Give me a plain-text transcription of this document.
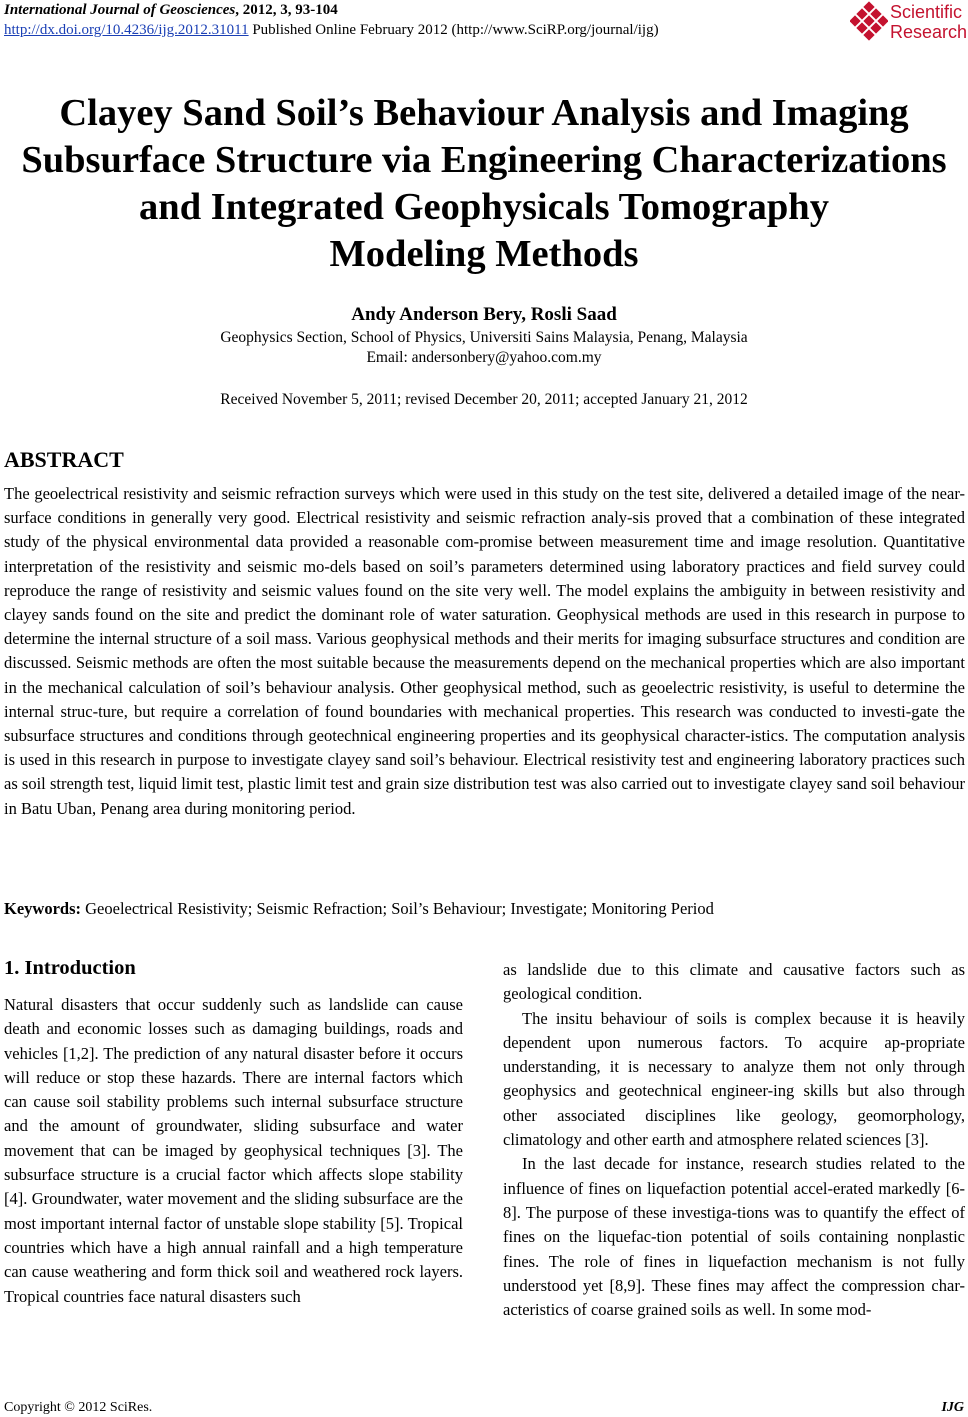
International Journal of Geosciences, 2012, 3, 93-104
http://dx.doi.org/10.4236/ijg.2012.31011 Published Online February 2012 (http://www.SciRP.org/journal/ijg)
Scientific
Research
Clayey Sand Soil’s Behaviour Analysis and Imaging
Subsurface Structure via Engineering Characterizations
and Integrated Geophysicals Tomography
Modeling Methods
Andy Anderson Bery, Rosli Saad
Geophysics Section, School of Physics, Universiti Sains Malaysia, Penang, Malaysia
Email: andersonbery@yahoo.com.my
Received November 5, 2011; revised December 20, 2011; accepted January 21, 2012
ABSTRACT
The geoelectrical resistivity and seismic refraction surveys which were used in this study on the test site, delivered a detailed image of the near-surface conditions in generally very good. Electrical resistivity and seismic refraction analy-sis proved that a combination of these integrated study of the physical environmental data provided a reasonable com-promise between measurement time and image resolution. Quantitative interpretation of the resistivity and seismic mo-dels based on soil’s parameters determined using laboratory practices and field survey could reproduce the range of resistivity and seismic values found on the site very well. The model explains the ambiguity in between resistivity and clayey sands found on the site and predict the dominant role of water saturation. Geophysical methods are used in this research in purpose to determine the internal structure of a soil mass. Various geophysical methods and their merits for imaging subsurface structures and condition are discussed. Seismic methods are often the most suitable because the measurements depend on the mechanical properties which are also important in the mechanical calculation of soil’s behaviour analysis. Other geophysical method, such as geoelectric resistivity, is useful to determine the internal struc-ture, but require a correlation of found boundaries with mechanical properties. This research was conducted to investi-gate the subsurface structures and conditions through geotechnical engineering properties and its geophysical character-istics. The computation analysis is used in this research in purpose to investigate clayey sand soil’s behaviour. Electrical resistivity test and engineering laboratory practices such as soil strength test, liquid limit test, plastic limit test and grain size distribution test was also carried out to investigate clayey sand soil behaviour in Batu Uban, Penang area during monitoring period.
Keywords: Geoelectrical Resistivity; Seismic Refraction; Soil’s Behaviour; Investigate; Monitoring Period
1. Introduction

Natural disasters that occur suddenly such as landslide can cause death and economic losses such as damaging buildings, roads and vehicles [1,2]. The prediction of any natural disaster before it occurs will reduce or stop these hazards. There are internal factors which can cause soil stability problems such internal subsurface structure and the amount of groundwater, sliding subsurface and water movement that can be imaged by geophysical techniques [3]. The subsurface structure is a crucial factor which affects slope stability [4]. Groundwater, water movement and the sliding subsurface are the most important internal factor of unstable slope stability [5]. Tropical countries which have a high annual rainfall and a high temperature can cause weathering and form thick soil and weathered rock layers. Tropical countries face natural disasters such

as landslide due to this climate and causative factors such as geological condition.

The insitu behaviour of soils is complex because it is heavily dependent upon numerous factors. To acquire ap-propriate understanding, it is necessary to analyze them not only through geophysics and geotechnical engineer-ing skills but also through other associated disciplines like geology, geomorphology, climatology and other earth and atmosphere related sciences [3].

In the last decade for instance, research studies related to the influence of fines on liquefaction potential accel-erated markedly [6-8]. The purpose of these investiga-tions was to quantify the effect of fines on the liquefac-tion potential of soils containing nonplastic fines. The role of fines in liquefaction mechanism is not fully understood yet [8,9]. These fines may affect the compression char-acteristics of coarse grained soils as well. In some mod-

Copyright © 2012 SciRes.	IJG
